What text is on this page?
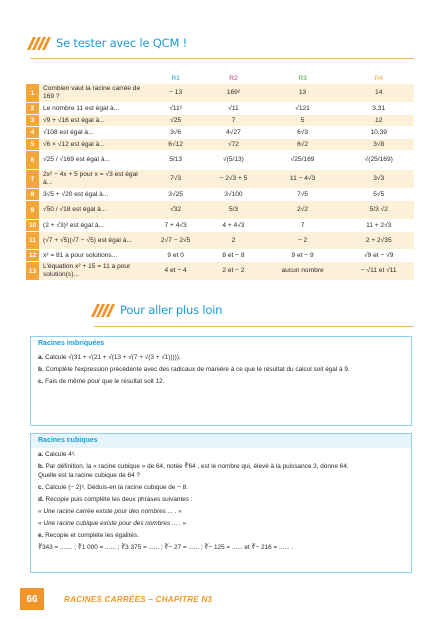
Se tester avec le QCM !
		R1	R2	R3	R4
1	Combien vaut la racine carrée de 169 ?	− 13	169²	13	14
2	Le nombre 11 est égal à...	√11²	√11	√121	3,31
3	√9 + √16 est égal à...	√25	7	5	12
4	√108 est égal à...	3√6	4√27	6√3	10,39
5	√6 × √12 est égal à...	6√12	√72	6√2	3√8
6	√25 / √169 est égal à...	5/13	√(5/13)	√25/169	√(25/169)
7	2x² − 4x + 5 pour x = √3 est égal à...	7√3	− 2√3 + 5	11 − 4√3	3√3
8	3√5 + √20 est égal à...	3√25	3√100	7√5	5√5
9	√50 / √18 est égal à...	√32	5/3	2√2	5/3 √2
10	(2 + √3)² est égal à...	7 + 4√3	4 + 4√3	7	11 + 2√3
11	(√7 + √5)(√7 − √5) est égal à...	2√7 − 2√5	2	− 2	2 + 2√35
12	x² = 81 a pour solutions...	9 et 0	8 et − 8	9 et − 9	√9 et − √9
13	L'équation x² + 15 = 11 a pour solution(s)...	4 et − 4	2 et − 2	aucun nombre	− √11 et √11
Pour aller plus loin
Racines imbriquées

a. Calcule √(31 + √(21 + √(13 + √(7 + √(3 + √1))))).

b. Complète l'expression précédente avec des radicaux de manière à ce que le résultat du calcul soit égal à 9.

c. Fais de même pour que le résultat soit 12.

Racines cubiques

a. Calcule 4³.

b. Par définition, la « racine cubique » de 64, notée ∛64 , est le nombre qui, élevé à la puissance 3, donne 64.
Quelle est la racine cubique de 64 ?

c. Calcule (− 2)³. Déduis-en la racine cubique de − 8.

d. Recopie puis complète les deux phrases suivantes :

« Une racine carrée existe pour des nombres ... . »

« Une racine cubique existe pour des nombres ... . »

e. Recopie et complète les égalités.

∛343 = ....... ; ∛1 000 = ...... ; ∛3 375 = ...... ; ∛− 27 = ...... ; ∛− 125 = ...... et ∛− 216 = ...... .

66	RACINES CARRÉES – CHAPITRE N3
